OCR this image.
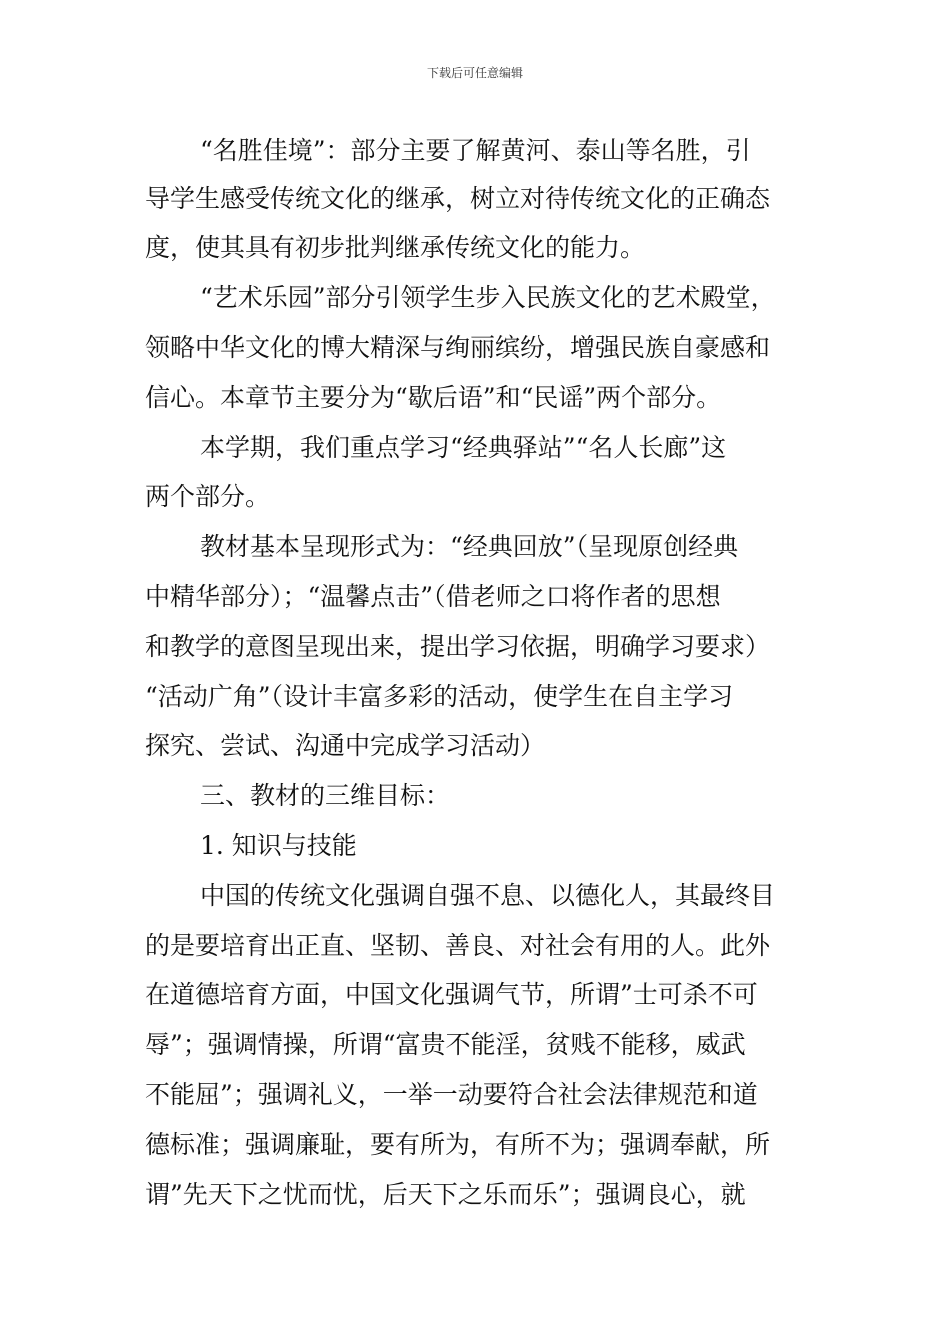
下载后可任意编辑
“名胜佳境”：部分主要了解黄河、泰山等名胜，引
导学生感受传统文化的继承，树立对待传统文化的正确态
度，使其具有初步批判继承传统文化的能力。
“艺术乐园”部分引领学生步入民族文化的艺术殿堂，
领略中华文化的博大精深与绚丽缤纷，增强民族自豪感和
信心。本章节主要分为“歇后语”和“民谣”两个部分。
本学期，我们重点学习“经典驿站”“名人长廊”这
两个部分。
教材基本呈现形式为：“经典回放”（呈现原创经典
中精华部分）；“温馨点击”（借老师之口将作者的思想
和教学的意图呈现出来，提出学习依据，明确学习要求）
“活动广角”（设计丰富多彩的活动，使学生在自主学习
探究、尝试、沟通中完成学习活动）
三、教材的三维目标：
1. 知识与技能
中国的传统文化强调自强不息、以德化人，其最终目
的是要培育出正直、坚韧、善良、对社会有用的人。此外
在道德培育方面，中国文化强调气节，所谓”士可杀不可
辱”；强调情操，所谓“富贵不能淫，贫贱不能移，威武
不能屈”；强调礼义，一举一动要符合社会法律规范和道
德标准；强调廉耻，要有所为，有所不为；强调奉献，所
谓”先天下之忧而忧，后天下之乐而乐”；强调良心，就
